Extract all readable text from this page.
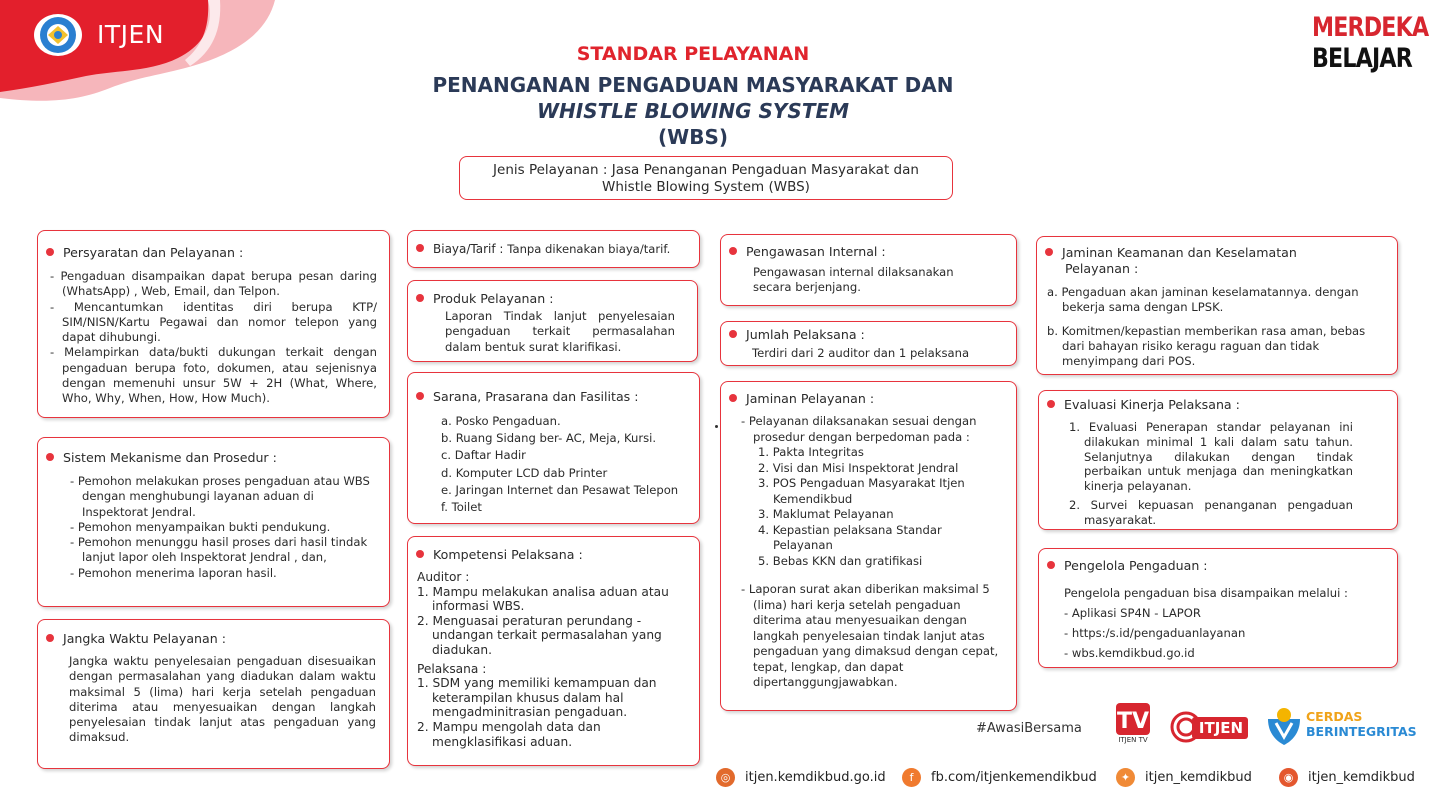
ITJEN	MERDEKA
BELAJAR
STANDAR PELAYANAN
PENANGANAN PENGADUAN MASYARAKAT DAN
WHISTLE BLOWING SYSTEM
(WBS)
Jenis Pelayanan : Jasa Penanganan Pengaduan Masyarakat dan
Whistle Blowing System (WBS)
Persyaratan dan Pelayanan :
- Pengaduan disampaikan dapat berupa pesan daring (WhatsApp) , Web, Email, dan Telpon.
- Mencantumkan identitas diri berupa KTP/ SIM/NISN/Kartu Pegawai dan nomor telepon yang dapat dihubungi.
- Melampirkan data/bukti dukungan terkait dengan pengaduan berupa foto, dokumen, atau sejenisnya dengan memenuhi unsur 5W + 2H (What, Where, Who, Why, When, How, How Much).
Sistem Mekanisme dan Prosedur :
- Pemohon melakukan proses pengaduan atau WBS dengan menghubungi layanan aduan di Inspektorat Jendral.
- Pemohon menyampaikan bukti pendukung.
- Pemohon menunggu hasil proses dari hasil tindak lanjut lapor oleh Inspektorat Jendral , dan,
- Pemohon menerima laporan hasil.
Jangka Waktu Pelayanan :
Jangka waktu penyelesaian pengaduan disesuaikan dengan permasalahan yang diadukan dalam waktu maksimal 5 (lima) hari kerja setelah pengaduan diterima atau menyesuaikan dengan langkah penyelesaian tindak lanjut atas pengaduan yang dimaksud.
Biaya/Tarif : Tanpa dikenakan biaya/tarif.
Produk Pelayanan :
Laporan Tindak lanjut penyelesaian pengaduan terkait permasalahan dalam bentuk surat klarifikasi.
Sarana, Prasarana dan Fasilitas :
a. Posko Pengaduan.
b. Ruang Sidang ber- AC, Meja, Kursi.
c. Daftar Hadir
d. Komputer LCD dab Printer
e. Jaringan Internet dan Pesawat Telepon
f. Toilet
Kompetensi Pelaksana :
Auditor :
1. Mampu melakukan analisa aduan atau informasi WBS.
2. Menguasai peraturan perundang - undangan terkait permasalahan yang diadukan.
Pelaksana :
1. SDM yang memiliki kemampuan dan keterampilan khusus dalam hal mengadminitrasian pengaduan.
2. Mampu mengolah data dan mengklasifikasi aduan.
Pengawasan Internal :
Pengawasan internal dilaksanakan secara berjenjang.
Jumlah Pelaksana :
Terdiri dari 2 auditor dan 1 pelaksana
Jaminan Pelayanan :
- Pelayanan dilaksanakan sesuai dengan prosedur dengan berpedoman pada :
1. Pakta Integritas
2. Visi dan Misi Inspektorat Jendral
3. POS Pengaduan Masyarakat Itjen Kemendikbud
3. Maklumat Pelayanan
4. Kepastian pelaksana Standar Pelayanan
5. Bebas KKN dan gratifikasi
- Laporan surat akan diberikan maksimal 5 (lima) hari kerja setelah pengaduan diterima atau menyesuaikan dengan langkah penyelesaian tindak lanjut atas pengaduan yang dimaksud dengan cepat, tepat, lengkap, dan dapat dipertanggungjawabkan.
Jaminan Keamanan dan Keselamatan
Pelayanan :
a. Pengaduan akan jaminan keselamatannya. dengan bekerja sama dengan LPSK.
b. Komitmen/kepastian memberikan rasa aman, bebas dari bahayan risiko keragu raguan dan tidak menyimpang dari POS.
Evaluasi Kinerja Pelaksana :
1. Evaluasi Penerapan standar pelayanan ini dilakukan minimal 1 kali dalam satu tahun. Selanjutnya dilakukan dengan tindak perbaikan untuk menjaga dan meningkatkan kinerja pelayanan.
2. Survei kepuasan penanganan pengaduan masyarakat.
Pengelola Pengaduan :
Pengelola pengaduan bisa disampaikan melalui :
- Aplikasi SP4N - LAPOR
- https:/s.id/pengaduanlayanan
- wbs.kemdikbud.go.id
#AwasiBersama TV
ITJEN TV
ITJEN
CERDAS
BERINTEGRITAS
◎ itjen.kemdikbud.go.id	f fb.com/itjenkemendikbud	✦ itjen_kemdikbud	◉ itjen_kemdikbud
